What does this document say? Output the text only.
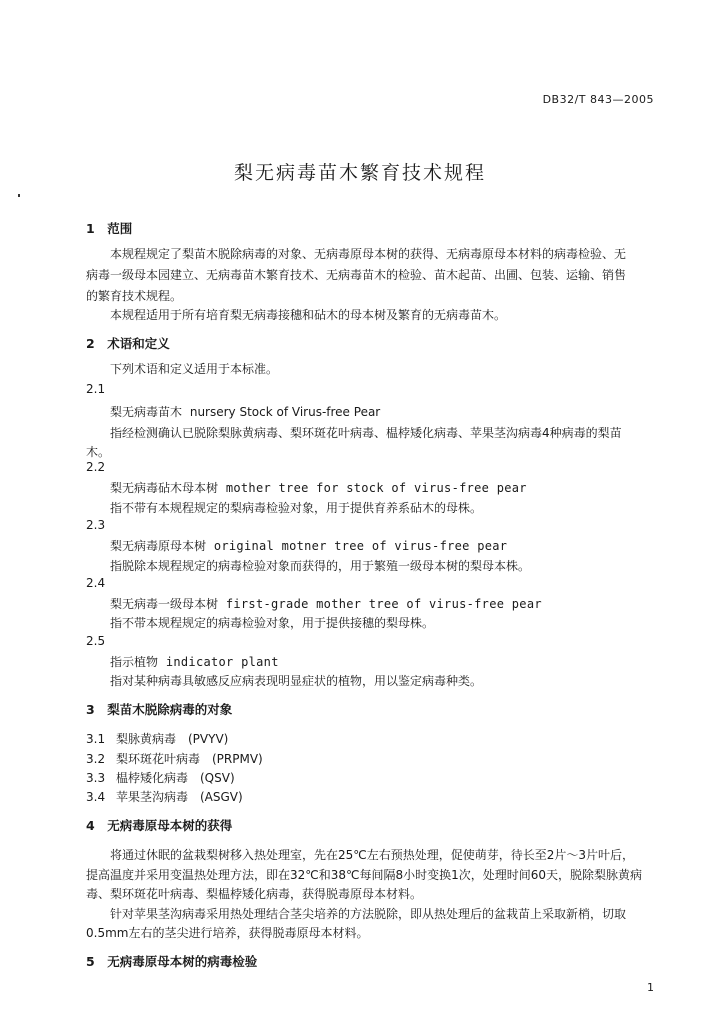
DB32/T 843—2005
梨无病毒苗木繁育技术规程
1　范围
本规程规定了梨苗木脱除病毒的对象、无病毒原母本树的获得、无病毒原母本材料的病毒检验、无
病毒一级母本园建立、无病毒苗木繁育技术、无病毒苗木的检验、苗木起苗、出圃、包装、运输、销售
的繁育技术规程。
本规程适用于所有培育梨无病毒接穗和砧木的母本树及繁育的无病毒苗木。
2　术语和定义
下列术语和定义适用于本标准。
2.1
梨无病毒苗木 nursery Stock of Virus-free Pear
指经检测确认已脱除梨脉黄病毒、梨环斑花叶病毒、榅桲矮化病毒、苹果茎沟病毒4种病毒的梨苗
木。
2.2
梨无病毒砧木母本树 mother tree for stock of virus-free pear
指不带有本规程规定的梨病毒检验对象，用于提供育养系砧木的母株。
2.3
梨无病毒原母本树 original motner tree of virus-free pear
指脱除本规程规定的病毒检验对象而获得的，用于繁殖一级母本树的梨母本株。
2.4
梨无病毒一级母本树 first-grade mother tree of virus-free pear
指不带本规程规定的病毒检验对象，用于提供接穗的梨母株。
2.5
指示植物 indicator plant
指对某种病毒具敏感反应病表现明显症状的植物，用以鉴定病毒种类。
3　梨苗木脱除病毒的对象
3.1 梨脉黄病毒　(PVYV)
3.2 梨环斑花叶病毒　(PRPMV)
3.3 榅桲矮化病毒　(QSV)
3.4 苹果茎沟病毒　(ASGV)
4　无病毒原母本树的获得
将通过休眠的盆栽梨树移入热处理室，先在25℃左右预热处理，促使萌芽，待长至2片～3片叶后，
提高温度并采用变温热处理方法，即在32℃和38℃每间隔8小时变换1次，处理时间60天，脱除梨脉黄病
毒、梨环斑花叶病毒、梨榅桲矮化病毒，获得脱毒原母本材料。
针对苹果茎沟病毒采用热处理结合茎尖培养的方法脱除，即从热处理后的盆栽苗上采取新梢，切取
0.5mm左右的茎尖进行培养，获得脱毒原母本材料。
5　无病毒原母本树的病毒检验
1
